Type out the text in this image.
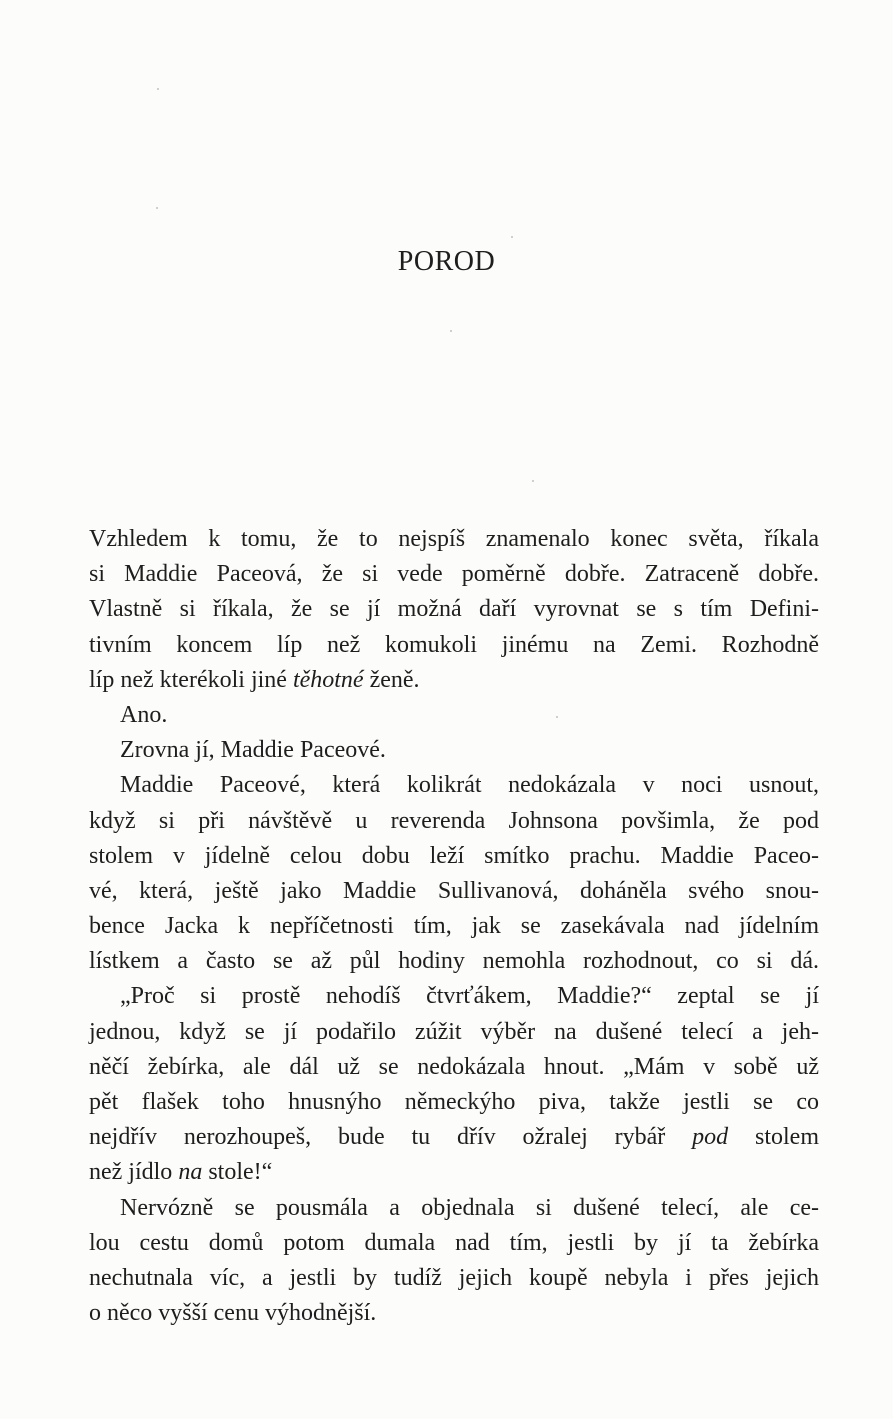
POROD
Vzhledem k tomu, že to nejspíš znamenalo konec světa, říkala
si Maddie Paceová, že si vede poměrně dobře. Zatraceně dobře.
Vlastně si říkala, že se jí možná daří vyrovnat se s tím Defini-
tivním koncem líp než komukoli jinému na Zemi. Rozhodně
líp než kterékoli jiné těhotné ženě.
Ano.
Zrovna jí, Maddie Paceové.
Maddie Paceové, která kolikrát nedokázala v noci usnout,
když si při návštěvě u reverenda Johnsona povšimla, že pod
stolem v jídelně celou dobu leží smítko prachu. Maddie Paceo-
vé, která, ještě jako Maddie Sullivanová, doháněla svého snou-
bence Jacka k nepříčetnosti tím, jak se zasekávala nad jídelním
lístkem a často se až půl hodiny nemohla rozhodnout, co si dá.
„Proč si prostě nehodíš čtvrťákem, Maddie?“ zeptal se jí
jednou, když se jí podařilo zúžit výběr na dušené telecí a jeh-
něčí žebírka, ale dál už se nedokázala hnout. „Mám v sobě už
pět flašek toho hnusnýho německýho piva, takže jestli se co
nejdřív nerozhoupeš, bude tu dřív ožralej rybář pod stolem
než jídlo na stole!“
Nervózně se pousmála a objednala si dušené telecí, ale ce-
lou cestu domů potom dumala nad tím, jestli by jí ta žebírka
nechutnala víc, a jestli by tudíž jejich koupě nebyla i přes jejich
o něco vyšší cenu výhodnější.
